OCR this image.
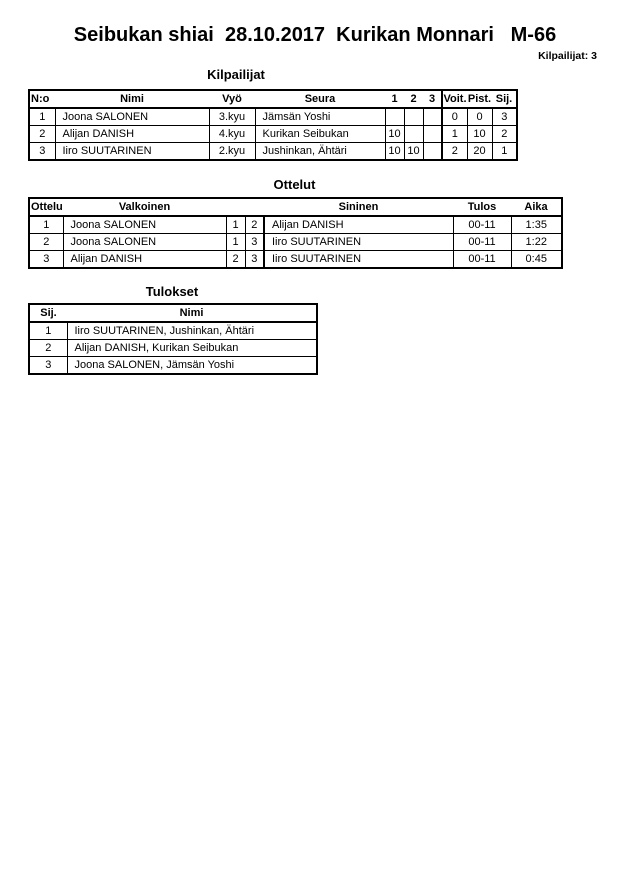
Seibukan shiai  28.10.2017  Kurikan Monnari   M-66
Kilpailijat: 3
Kilpailijat
N:o	Nimi	Vyö	Seura	1	2	3	Voit.	Pist.	Sij.
1	Joona SALONEN	3.kyu	Jämsän Yoshi				0	0	3
2	Alijan DANISH	4.kyu	Kurikan Seibukan	10			1	10	2
3	Iiro SUUTARINEN	2.kyu	Jushinkan, Ähtäri	10	10		2	20	1
Ottelut
Ottelu	Valkoinen			Sininen	Tulos	Aika
1	Joona SALONEN	1	2	Alijan DANISH	00-11	1:35
2	Joona SALONEN	1	3	Iiro SUUTARINEN	00-11	1:22
3	Alijan DANISH	2	3	Iiro SUUTARINEN	00-11	0:45
Tulokset
Sij.	Nimi
1	Iiro SUUTARINEN, Jushinkan, Ähtäri
2	Alijan DANISH, Kurikan Seibukan
3	Joona SALONEN, Jämsän Yoshi
